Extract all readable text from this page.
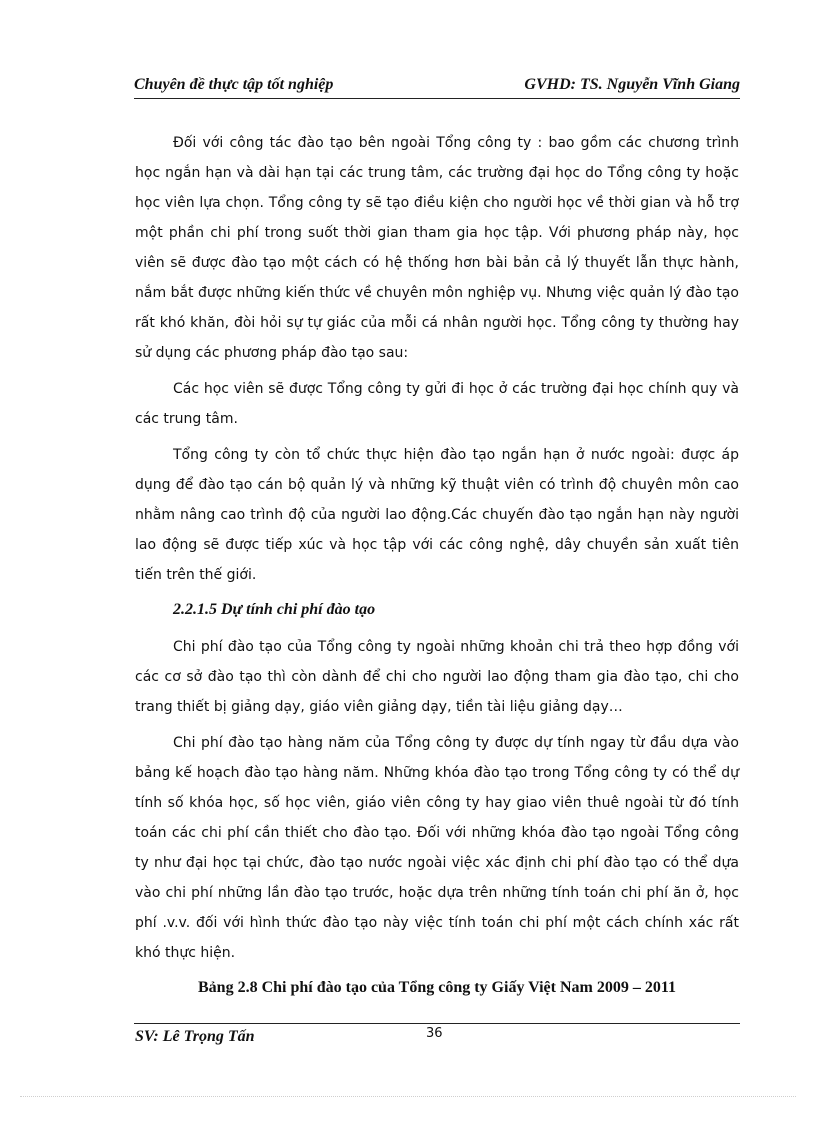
Chuyên đề thực tập tốt nghiệp	GVHD: TS. Nguyễn Vĩnh Giang

Đối với công tác đào tạo bên ngoài Tổng công ty : bao gồm các chương trình học ngắn hạn và dài hạn tại các trung tâm, các trường đại học do Tổng công ty hoặc học viên lựa chọn. Tổng công ty sẽ tạo điều kiện cho người học về thời gian và hỗ trợ một phần chi phí trong suốt thời gian tham gia học tập. Với phương pháp này, học viên sẽ được đào tạo một cách có hệ thống hơn bài bản cả lý thuyết lẫn thực hành, nắm bắt được những kiến thức về chuyên môn nghiệp vụ. Nhưng việc quản lý đào tạo rất khó khăn, đòi hỏi sự tự giác của mỗi cá nhân người học. Tổng công ty thường hay sử dụng các phương pháp đào tạo sau:

Các học viên sẽ được Tổng công ty gửi đi học ở các trường đại học chính quy và các trung tâm.

Tổng công ty còn tổ chức thực hiện đào tạo ngắn hạn ở nước ngoài: được áp dụng để đào tạo cán bộ quản lý và những kỹ thuật viên có trình độ chuyên môn cao nhằm nâng cao trình độ của người lao động.Các chuyến đào tạo ngắn hạn này người lao động sẽ được tiếp xúc và học tập với các công nghệ, dây chuyền sản xuất tiên tiến trên thế giới.

2.2.1.5 Dự tính chi phí đào tạo

Chi phí đào tạo của Tổng công ty ngoài những khoản chi trả theo hợp đồng với các cơ sở đào tạo thì còn dành để chi cho người lao động tham gia đào tạo, chi cho trang thiết bị giảng dạy, giáo viên giảng dạy, tiền tài liệu giảng dạy…

Chi phí đào tạo hàng năm của Tổng công ty được dự tính ngay từ đầu dựa vào bảng kế hoạch đào tạo hàng năm. Những khóa đào tạo trong Tổng công ty có thể dự tính số khóa học, số học viên, giáo viên công ty hay giao viên thuê ngoài từ đó tính toán các chi phí cần thiết cho đào tạo. Đối với những khóa đào tạo ngoài Tổng công ty như đại học tại chức, đào tạo nước ngoài việc xác định chi phí đào tạo có thể dựa vào chi phí những lần đào tạo trước, hoặc dựa trên những tính toán chi phí ăn ở, học phí .v.v. đối với hình thức đào tạo này việc tính toán chi phí một cách chính xác rất khó thực hiện.

Bảng 2.8 Chi phí đào tạo của Tổng công ty Giấy Việt Nam 2009 – 2011
SV: Lê Trọng Tấn	36
